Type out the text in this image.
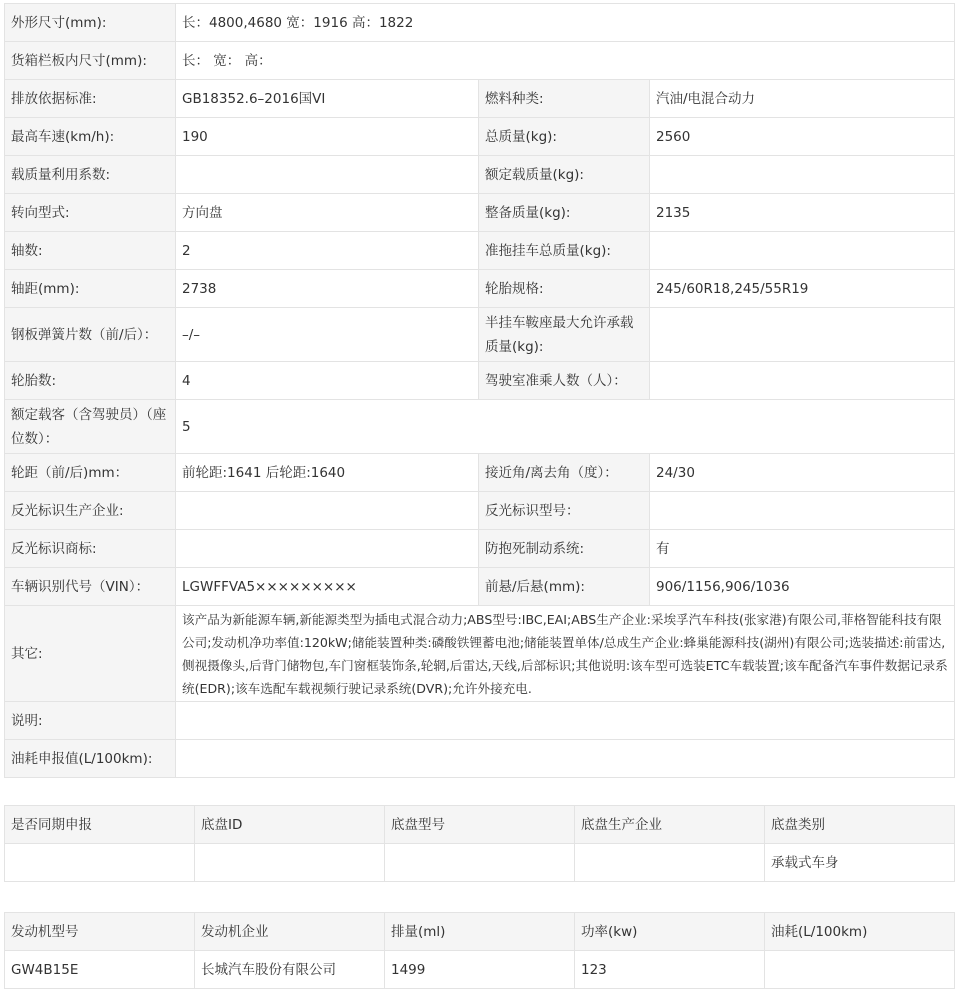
外形尺寸(mm):	长：4800,4680 宽：1916 高：1822		
货箱栏板内尺寸(mm):	长： 宽： 高：		
排放依据标准:	GB18352.6–2016国VI	燃料种类:	汽油/电混合动力
最高车速(km/h):	190	总质量(kg):	2560
载质量利用系数:		额定载质量(kg):	
转向型式:	方向盘	整备质量(kg):	2135
轴数:	2	准拖挂车总质量(kg):	
轴距(mm):	2738	轮胎规格:	245/60R18,245/55R19
钢板弹簧片数（前/后）：	–/–	半挂车鞍座最大允许承载质量(kg):	
轮胎数:	4	驾驶室准乘人数（人）：	
额定载客（含驾驶员）（座位数）：	5		
轮距（前/后)mm：	前轮距:1641 后轮距:1640	接近角/离去角（度）：	24/30
反光标识生产企业:		反光标识型号：	
反光标识商标:		防抱死制动系统:	有
车辆识别代号（VIN）：	LGWFFVA5×××××××××	前悬/后悬(mm):	906/1156,906/1036
其它:	该产品为新能源车辆,新能源类型为插电式混合动力;ABS型号:IBC,EAI;ABS生产企业:采埃孚汽车科技(张家港)有限公司,菲格智能科技有限公司;发动机净功率值:120kW;储能装置种类:磷酸铁锂蓄电池;储能装置单体/总成生产企业:蜂巢能源科技(湖州)有限公司;选装描述:前雷达,侧视摄像头,后背门储物包,车门窗框装饰条,轮辋,后雷达,天线,后部标识;其他说明:该车型可选装ETC车载装置;该车配备汽车事件数据记录系统(EDR);该车选配车载视频行驶记录系统(DVR);允许外接充电.		
说明:			
油耗申报值(L/100km):			
是否同期申报	底盘ID	底盘型号	底盘生产企业	底盘类别
				承载式车身
发动机型号	发动机企业	排量(ml)	功率(kw)	油耗(L/100km)
GW4B15E	长城汽车股份有限公司	1499	123	
